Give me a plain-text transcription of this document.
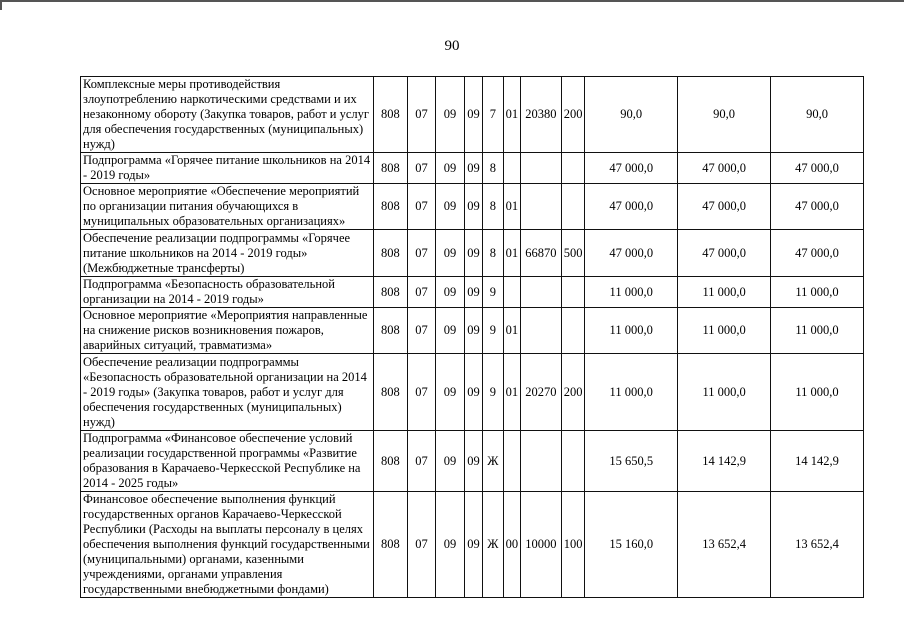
90
Комплексные меры противодействия злоупотреблению наркотическими средствами и их незаконному обороту (Закупка товаров, работ и услуг для обеспечения государственных (муниципальных) нужд)	808	07	09	09	7	01	20380	200	90,0	90,0	90,0
Подпрограмма «Горячее питание школьников на 2014 - 2019 годы»	808	07	09	09	8				47 000,0	47 000,0	47 000,0
Основное мероприятие «Обеспечение мероприятий по организации питания обучающихся в муниципальных образовательных организациях»	808	07	09	09	8	01			47 000,0	47 000,0	47 000,0
Обеспечение реализации подпрограммы «Горячее питание школьников на 2014 - 2019 годы» (Межбюджетные трансферты)	808	07	09	09	8	01	66870	500	47 000,0	47 000,0	47 000,0
Подпрограмма «Безопасность образовательной организации на 2014 - 2019 годы»	808	07	09	09	9				11 000,0	11 000,0	11 000,0
Основное мероприятие «Мероприятия направленные на снижение рисков возникновения пожаров, аварийных ситуаций, травматизма»	808	07	09	09	9	01			11 000,0	11 000,0	11 000,0
Обеспечение реализации подпрограммы «Безопасность образовательной организации на 2014 - 2019 годы» (Закупка товаров, работ и услуг для обеспечения государственных (муниципальных) нужд)	808	07	09	09	9	01	20270	200	11 000,0	11 000,0	11 000,0
Подпрограмма «Финансовое обеспечение условий реализации государственной программы «Развитие образования в Карачаево-Черкесской Республике на 2014 - 2025 годы»	808	07	09	09	Ж				15 650,5	14 142,9	14 142,9
Финансовое обеспечение выполнения функций государственных органов Карачаево-Черкесской Республики (Расходы на выплаты персоналу в целях обеспечения выполнения функций государственными (муниципальными) органами, казенными учреждениями, органами управления государственными внебюджетными фондами)	808	07	09	09	Ж	00	10000	100	15 160,0	13 652,4	13 652,4
